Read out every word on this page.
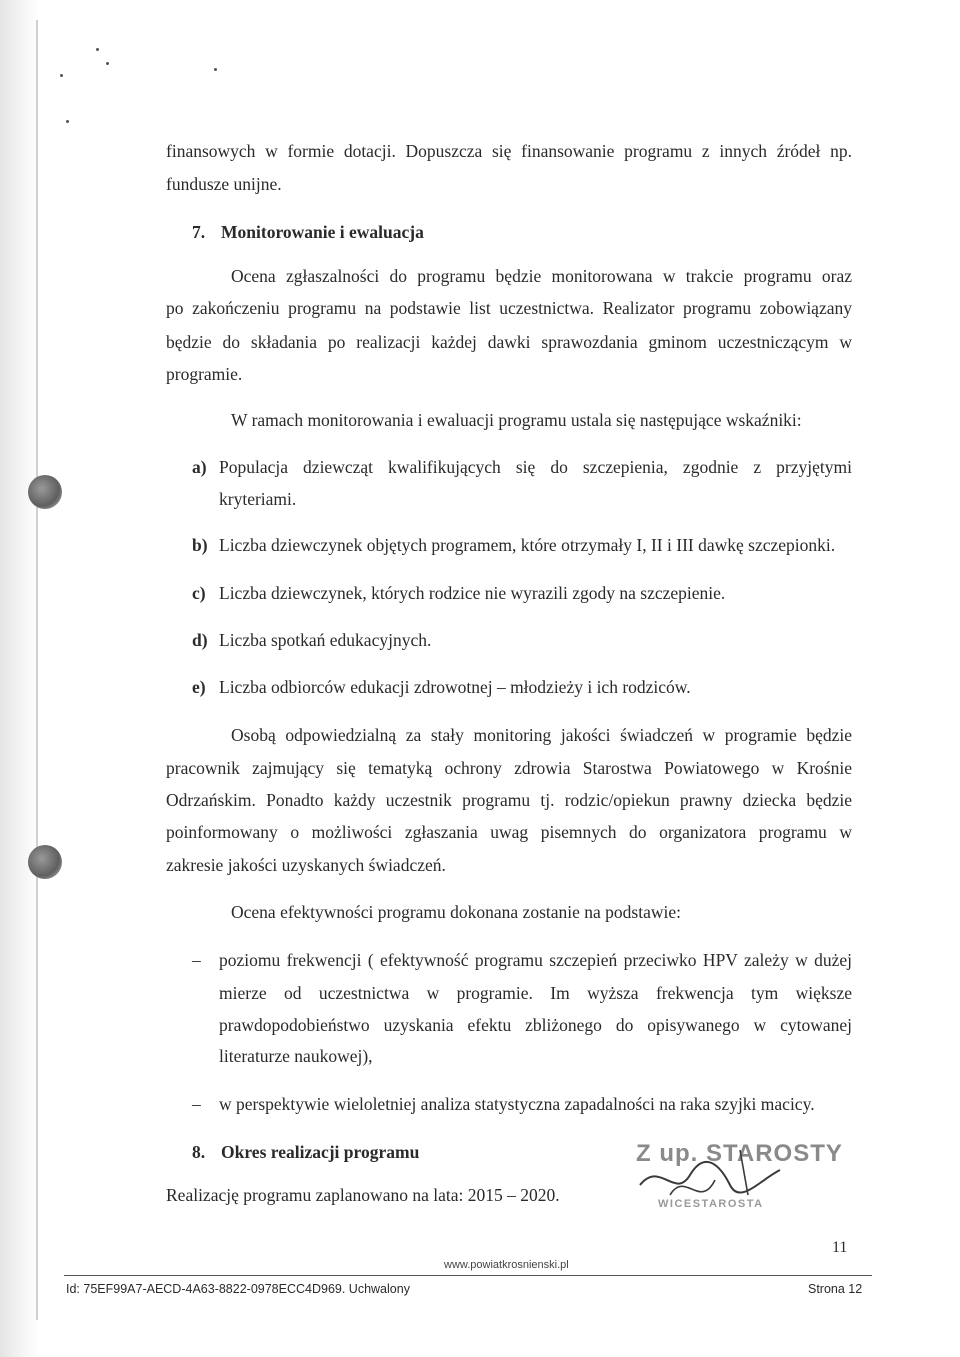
finansowych w formie dotacji. Dopuszcza się finansowanie programu z innych źródeł np.
fundusze unijne.
7. Monitorowanie i ewaluacja
Ocena zgłaszalności do programu będzie monitorowana w trakcie programu oraz
po zakończeniu programu na podstawie list uczestnictwa. Realizator programu zobowiązany
będzie do składania po realizacji każdej dawki sprawozdania gminom uczestniczącym w
programie.
W ramach monitorowania i ewaluacji programu ustala się następujące wskaźniki:
a) Populacja dziewcząt kwalifikujących się do szczepienia, zgodnie z przyjętymi
kryteriami.
b) Liczba dziewczynek objętych programem, które otrzymały I, II i III dawkę szczepionki.
c) Liczba dziewczynek, których rodzice nie wyrazili zgody na szczepienie.
d) Liczba spotkań edukacyjnych.
e) Liczba odbiorców edukacji zdrowotnej – młodzieży i ich rodziców.
Osobą odpowiedzialną za stały monitoring jakości świadczeń w programie będzie
pracownik zajmujący się tematyką ochrony zdrowia Starostwa Powiatowego w Krośnie
Odrzańskim. Ponadto każdy uczestnik programu tj. rodzic/opiekun prawny dziecka będzie
poinformowany o możliwości zgłaszania uwag pisemnych do organizatora programu w
zakresie jakości uzyskanych świadczeń.
Ocena efektywności programu dokonana zostanie na podstawie:
– poziomu frekwencji ( efektywność programu szczepień przeciwko HPV zależy w dużej
mierze od uczestnictwa w programie. Im wyższa frekwencja tym większe
prawdopodobieństwo uzyskania efektu zbliżonego do opisywanego w cytowanej
literaturze naukowej),
– w perspektywie wieloletniej analiza statystyczna zapadalności na raka szyjki macicy.
8. Okres realizacji programu
Realizację programu zaplanowano na lata: 2015 – 2020.
Z up. STAROSTY
WICESTAROSTA
11
www.powiatkrosnienski.pl
Id: 75EF99A7-AECD-4A63-8822-0978ECC4D969. Uchwalony	Strona 12
